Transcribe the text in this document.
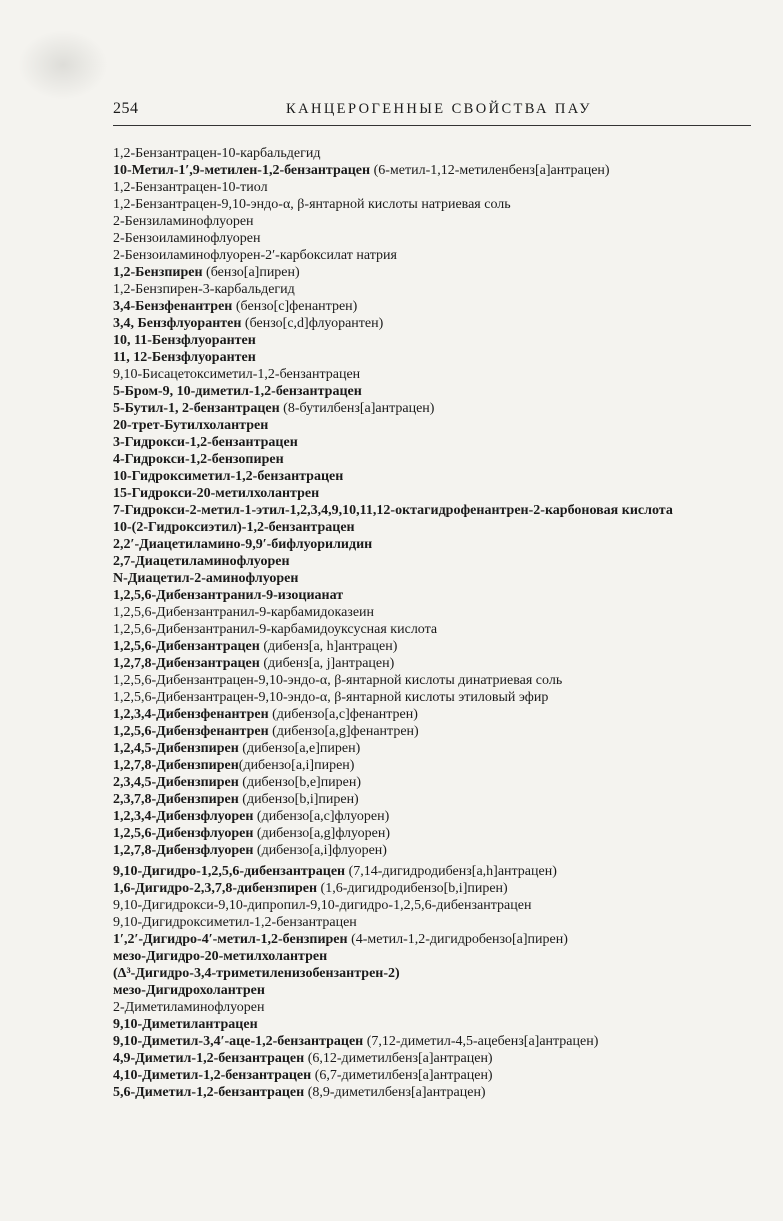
254	КАНЦЕРОГЕННЫЕ СВОЙСТВА ПАУ
1,2-Бензантрацен-10-карбальдегид
10-Метил-1′,9-метилен-1,2-бензантрацен (6-метил-1,12-метиленбенз[a]антрацен)
1,2-Бензантрацен-10-тиол
1,2-Бензантрацен-9,10-эндо-α, β-янтарной кислоты натриевая соль
2-Бензиламинофлуорен
2-Бензоиламинофлуорен
2-Бензоиламинофлуорен-2′-карбоксилат натрия
1,2-Бензпирен (бензо[a]пирен)
1,2-Бензпирен-3-карбальдегид
3,4-Бензфенантрен (бензо[c]фенантрен)
3,4, Бензфлуорантен (бензо[c,d]флуорантен)
10, 11-Бензфлуорантен
11, 12-Бензфлуорантен
9,10-Бисацетоксиметил-1,2-бензантрацен
5-Бром-9, 10-диметил-1,2-бензантрацен
5-Бутил-1, 2-бензантрацен (8-бутилбенз[a]антрацен)
20-трет-Бутилхолантрен
3-Гидрокси-1,2-бензантрацен
4-Гидрокси-1,2-бензопирен
10-Гидроксиметил-1,2-бензантрацен
15-Гидрокси-20-метилхолантрен
7-Гидрокси-2-метил-1-этил-1,2,3,4,9,10,11,12-октагидрофенантрен-2-карбоновая кислота
10-(2-Гидроксиэтил)-1,2-бензантрацен
2,2′-Диацетиламино-9,9′-бифлуорилидин
2,7-Диацетиламинофлуорен
N-Диацетил-2-аминофлуорен
1,2,5,6-Дибензантранил-9-изоцианат
1,2,5,6-Дибензантранил-9-карбамидоказеин
1,2,5,6-Дибензантранил-9-карбамидоуксусная кислота
1,2,5,6-Дибензантрацен (дибенз[a, h]антрацен)
1,2,7,8-Дибензантрацен (дибенз[a, j]антрацен)
1,2,5,6-Дибензантрацен-9,10-эндо-α, β-янтарной кислоты динатриевая соль
1,2,5,6-Дибензантрацен-9,10-эндо-α, β-янтарной кислоты этиловый эфир
1,2,3,4-Дибензфенантрен (дибензо[a,c]фенантрен)
1,2,5,6-Дибензфенантрен (дибензо[a,g]фенантрен)
1,2,4,5-Дибензпирен (дибензо[a,e]пирен)
1,2,7,8-Дибензпирен(дибензо[a,i]пирен)
2,3,4,5-Дибензпирен (дибензо[b,e]пирен)
2,3,7,8-Дибензпирен (дибензо[b,i]пирен)
1,2,3,4-Дибензфлуорен (дибензо[a,c]флуорен)
1,2,5,6-Дибензфлуорен (дибензо[a,g]флуорен)
1,2,7,8-Дибензфлуорен (дибензо[a,i]флуорен)
9,10-Дигидро-1,2,5,6-дибензантрацен (7,14-дигидродибенз[a,h]антрацен)
1,6-Дигидро-2,3,7,8-дибензпирен (1,6-дигидродибензо[b,i]пирен)
9,10-Дигидрокси-9,10-дипропил-9,10-дигидро-1,2,5,6-дибензантрацен
9,10-Дигидроксиметил-1,2-бензантрацен
1′,2′-Дигидро-4′-метил-1,2-бензпирен (4-метил-1,2-дигидробензо[a]пирен)
мезо-Дигидро-20-метилхолантрен
(Δ³-Дигидро-3,4-триметиленизобензантрен-2)
мезо-Дигидрохолантрен
2-Диметиламинофлуорен
9,10-Диметилантрацен
9,10-Диметил-3,4′-аце-1,2-бензантрацен (7,12-диметил-4,5-ацебенз[a]антрацен)
4,9-Диметил-1,2-бензантрацен (6,12-диметилбенз[a]антрацен)
4,10-Диметил-1,2-бензантрацен (6,7-диметилбенз[a]антрацен)
5,6-Диметил-1,2-бензантрацен (8,9-диметилбенз[a]антрацен)
